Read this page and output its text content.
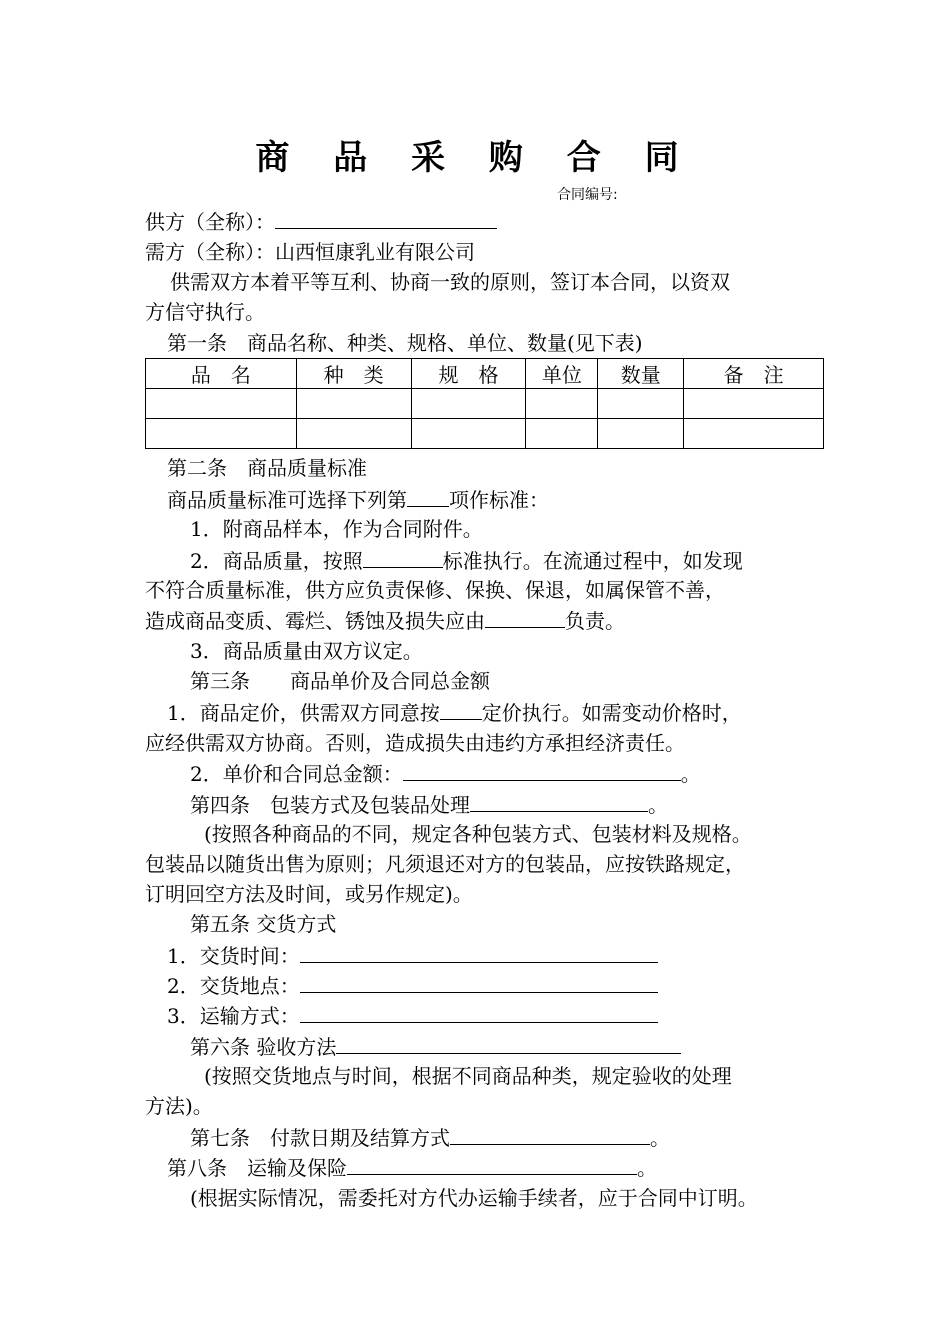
商 品 采 购 合 同
合同编号:
供方（全称）：
需方（全称）：山西恒康乳业有限公司
供需双方本着平等互利、协商一致的原则，签订本合同，以资双
方信守执行。
第一条　商品名称、种类、规格、单位、数量(见下表)
品　名	种　类	规　格	单位	数量	备　注

第二条　商品质量标准
商品质量标准可选择下列第 项作标准：
1．附商品样本，作为合同附件。
2．商品质量，按照	标准执行。在流通过程中，如发现
不符合质量标准，供方应负责保修、保换、保退，如属保管不善，
造成商品变质、霉烂、锈蚀及损失应由	负责。
3．商品质量由双方议定。
第三条　　商品单价及合同总金额
1．商品定价，供需双方同意按 定价执行。如需变动价格时，
应经供需双方协商。否则，造成损失由违约方承担经济责任。
2．单价和合同总金额：	。
第四条　包装方式及包装品处理	。
(按照各种商品的不同，规定各种包装方式、包装材料及规格。
包装品以随货出售为原则；凡须退还对方的包装品，应按铁路规定，
订明回空方法及时间，或另作规定)。
第五条 交货方式
1．交货时间：
2．交货地点：
3．运输方式：
第六条 验收方法
(按照交货地点与时间，根据不同商品种类，规定验收的处理
方法)。
第七条　付款日期及结算方式	。
第八条　运输及保险	。
(根据实际情况，需委托对方代办运输手续者，应于合同中订明。
